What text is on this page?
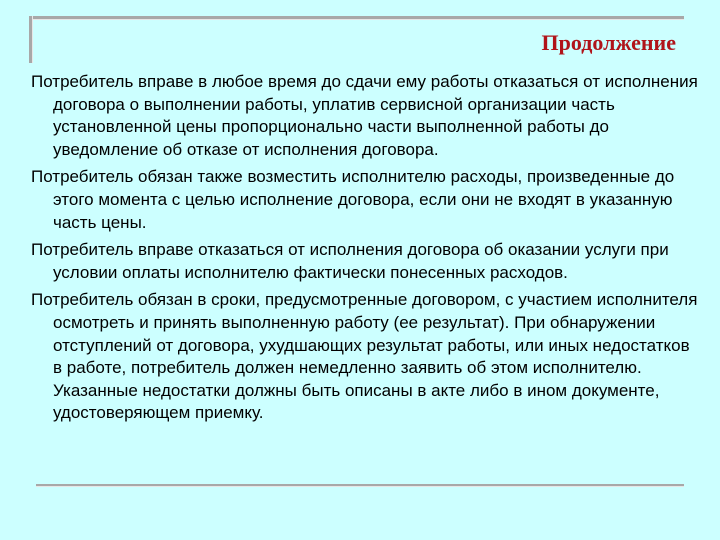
Продолжение

Потребитель вправе в любое время до сдачи ему работы отказаться от исполнения договора о выполнении работы, уплатив сервисной организации часть установленной цены пропорционально части выполненной работы до уведомление об отказе от исполнения договора.

Потребитель обязан также возместить исполнителю расходы, произведенные до этого момента с целью исполнение договора, если они не входят в указанную часть цены.

Потребитель вправе отказаться от исполнения договора об оказании услуги при условии оплаты исполнителю фактически понесенных расходов.

Потребитель обязан в сроки, предусмотренные договором, с участием исполнителя осмотреть и принять выполненную работу (ее результат). При обнаружении отступлений от договора, ухудшающих результат работы, или иных недостатков в работе, потребитель должен немедленно заявить об этом исполнителю. Указанные недостатки должны быть описаны в акте либо в ином документе, удостоверяющем приемку.
